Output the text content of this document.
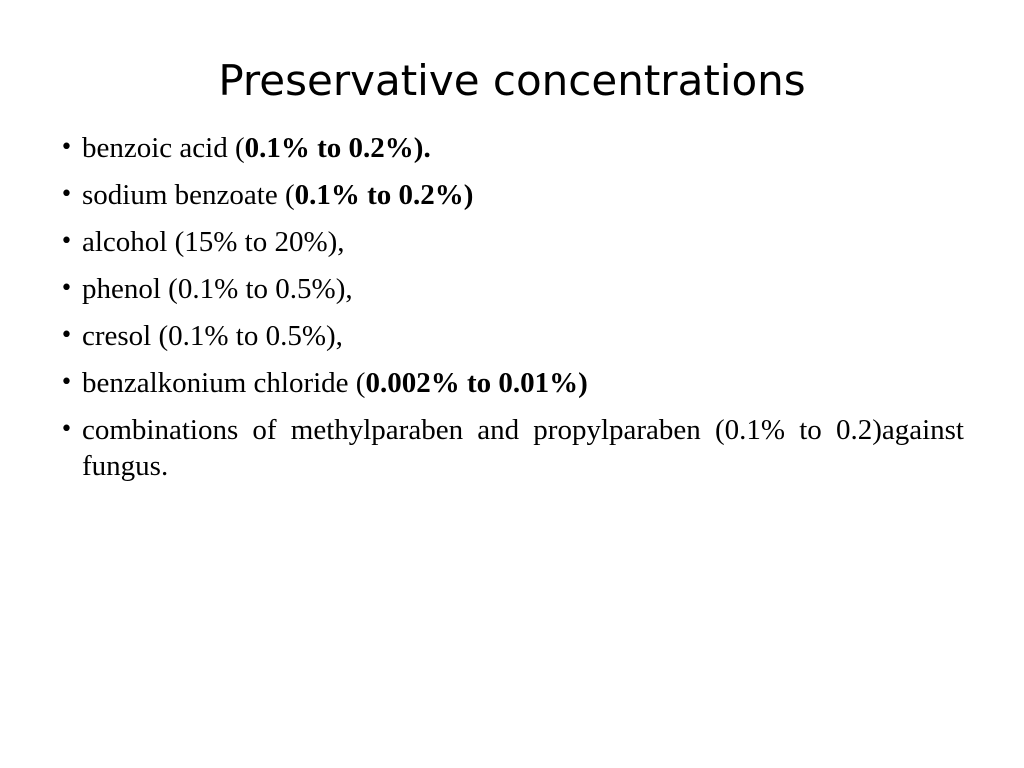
Preservative concentrations
• benzoic acid (0.1% to 0.2%).
• sodium benzoate (0.1% to 0.2%)
• alcohol (15% to 20%),
• phenol (0.1% to 0.5%),
• cresol (0.1% to 0.5%),
• benzalkonium chloride (0.002% to 0.01%)
• combinations of methylparaben and propylparaben (0.1% to 0.2)against fungus.
